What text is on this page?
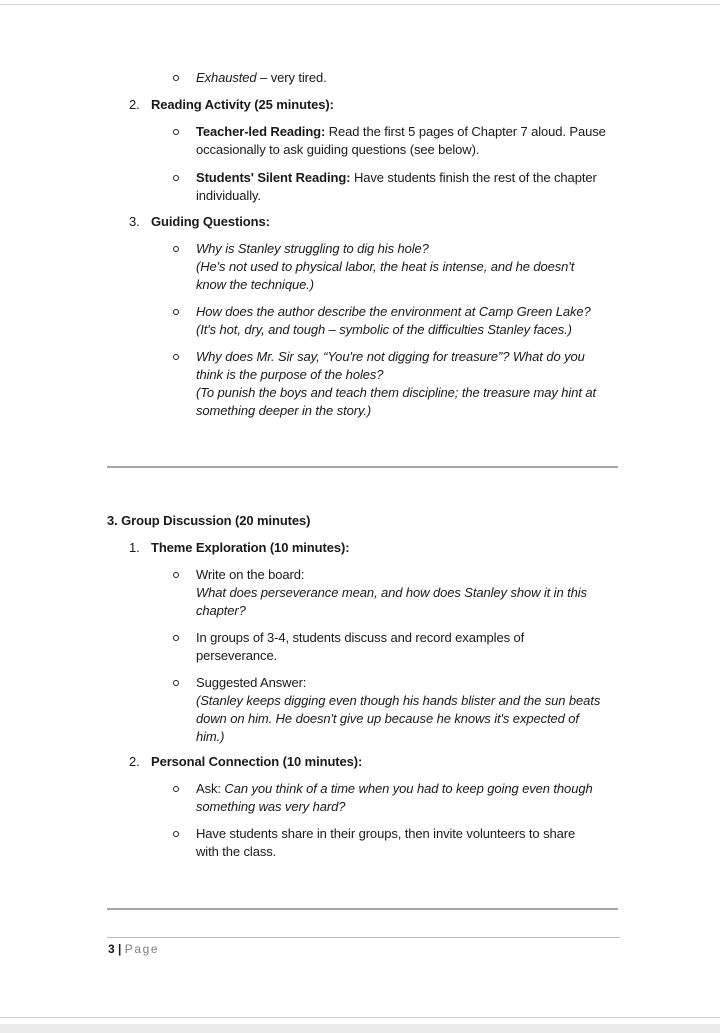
Exhausted – very tired.
2. Reading Activity (25 minutes):
Teacher-led Reading: Read the first 5 pages of Chapter 7 aloud. Pause
occasionally to ask guiding questions (see below).
Students' Silent Reading: Have students finish the rest of the chapter
individually.
3. Guiding Questions:
Why is Stanley struggling to dig his hole?
(He's not used to physical labor, the heat is intense, and he doesn't
know the technique.)
How does the author describe the environment at Camp Green Lake?
(It's hot, dry, and tough – symbolic of the difficulties Stanley faces.)
Why does Mr. Sir say, “You're not digging for treasure”? What do you
think is the purpose of the holes?
(To punish the boys and teach them discipline; the treasure may hint at
something deeper in the story.)
3. Group Discussion (20 minutes)
1. Theme Exploration (10 minutes):
Write on the board:
What does perseverance mean, and how does Stanley show it in this
chapter?
In groups of 3-4, students discuss and record examples of
perseverance.
Suggested Answer:
(Stanley keeps digging even though his hands blister and the sun beats
down on him. He doesn't give up because he knows it's expected of
him.)
2. Personal Connection (10 minutes):
Ask: Can you think of a time when you had to keep going even though
something was very hard?
Have students share in their groups, then invite volunteers to share
with the class.
3 | Page
